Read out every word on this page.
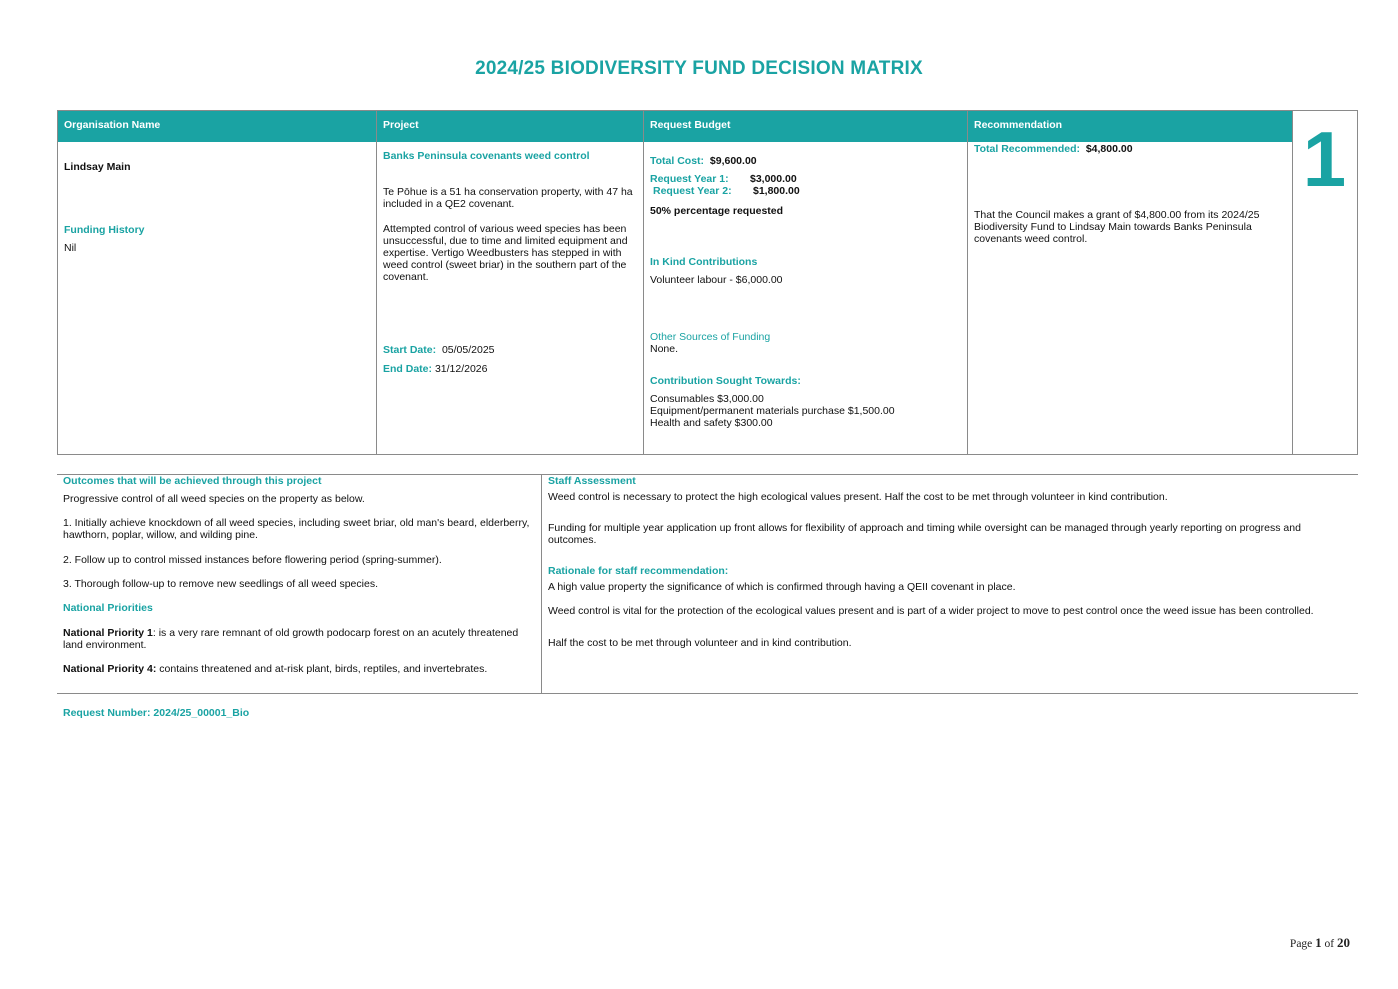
2024/25 BIODIVERSITY FUND DECISION MATRIX
Organisation Name
Lindsay Main
Funding History
Nil
Project
Banks Peninsula covenants weed control

Te Pōhue is a 51 ha conservation property, with 47 ha included in a QE2 covenant.

Attempted control of various weed species has been unsuccessful, due to time and limited equipment and expertise. Vertigo Weedbusters has stepped in with weed control (sweet briar) in the southern part of the covenant.

Start Date: 05/05/2025
End Date: 31/12/2026
Request Budget
Total Cost: $9,600.00
Request Year 1: $3,000.00
Request Year 2: $1,800.00
50% percentage requested
In Kind Contributions
Volunteer labour - $6,000.00
Other Sources of Funding
None.
Contribution Sought Towards:
Consumables $3,000.00
Equipment/permanent materials purchase $1,500.00
Health and safety $300.00
Recommendation
Total Recommended: $4,800.00

That the Council makes a grant of $4,800.00 from its 2024/25 Biodiversity Fund to Lindsay Main towards Banks Peninsula covenants weed control.

1
Outcomes that will be achieved through this project

Progressive control of all weed species on the property as below.

1. Initially achieve knockdown of all weed species, including sweet briar, old man's beard, elderberry, hawthorn, poplar, willow, and wilding pine.

2. Follow up to control missed instances before flowering period (spring-summer).

3. Thorough follow-up to remove new seedlings of all weed species.

National Priorities

National Priority 1: is a very rare remnant of old growth podocarp forest on an acutely threatened land environment.

National Priority 4: contains threatened and at-risk plant, birds, reptiles, and invertebrates.

Staff Assessment

Weed control is necessary to protect the high ecological values present. Half the cost to be met through volunteer in kind contribution.

Funding for multiple year application up front allows for flexibility of approach and timing while oversight can be managed through yearly reporting on progress and outcomes.

Rationale for staff recommendation:

A high value property the significance of which is confirmed through having a QEII covenant in place.

Weed control is vital for the protection of the ecological values present and is part of a wider project to move to pest control once the weed issue has been controlled.

Half the cost to be met through volunteer and in kind contribution.

Request Number: 2024/25_00001_Bio
Page 1 of 20
